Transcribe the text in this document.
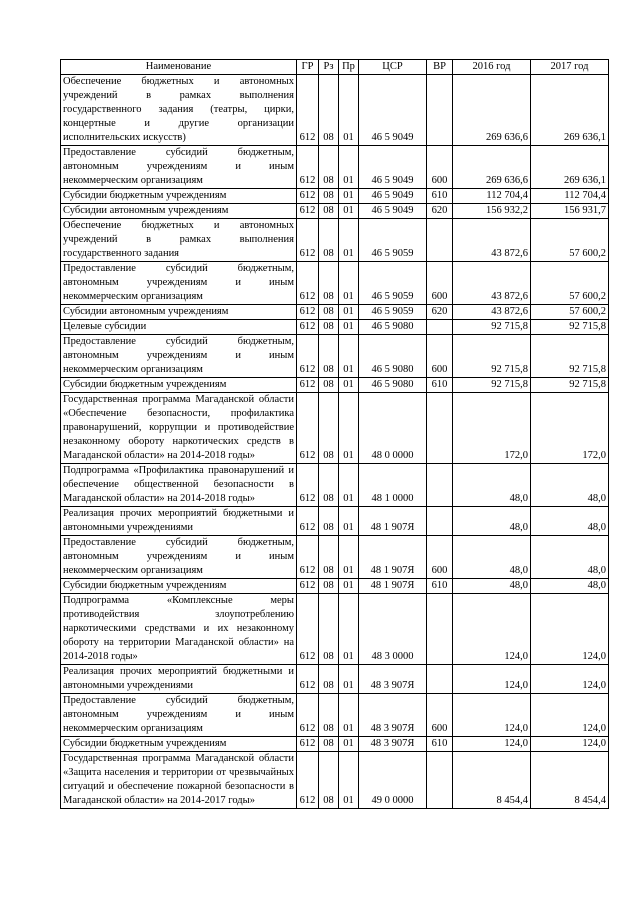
Наименование	ГР	Рз	Пр	ЦСР	ВР	2016 год	2017 год
Обеспечение бюджетных и автономных учреждений в рамках выполнения государственного задания (театры, цирки, концертные и другие организации исполнительских искусств)	612	08	01	46 5 9049		269 636,6	269 636,1
Предоставление субсидий бюджетным, автономным учреждениям и иным некоммерческим организациям	612	08	01	46 5 9049	600	269 636,6	269 636,1
Субсидии бюджетным учреждениям	612	08	01	46 5 9049	610	112 704,4	112 704,4
Субсидии автономным учреждениям	612	08	01	46 5 9049	620	156 932,2	156 931,7
Обеспечение бюджетных и автономных учреждений в рамках выполнения государственного задания	612	08	01	46 5 9059		43 872,6	57 600,2
Предоставление субсидий бюджетным, автономным учреждениям и иным некоммерческим организациям	612	08	01	46 5 9059	600	43 872,6	57 600,2
Субсидии автономным учреждениям	612	08	01	46 5 9059	620	43 872,6	57 600,2
Целевые субсидии	612	08	01	46 5 9080		92 715,8	92 715,8
Предоставление субсидий бюджетным, автономным учреждениям и иным некоммерческим организациям	612	08	01	46 5 9080	600	92 715,8	92 715,8
Субсидии бюджетным учреждениям	612	08	01	46 5 9080	610	92 715,8	92 715,8
Государственная программа Магаданской области «Обеспечение безопасности, профилактика правонарушений, коррупции и противодействие незаконному обороту наркотических средств в Магаданской области» на 2014-2018 годы»	612	08	01	48 0 0000		172,0	172,0
Подпрограмма «Профилактика правонарушений и обеспечение общественной безопасности в Магаданской области» на 2014-2018 годы»	612	08	01	48 1 0000		48,0	48,0
Реализация прочих мероприятий бюджетными и автономными учреждениями	612	08	01	48 1 907Я		48,0	48,0
Предоставление субсидий бюджетным, автономным учреждениям и иным некоммерческим организациям	612	08	01	48 1 907Я	600	48,0	48,0
Субсидии бюджетным учреждениям	612	08	01	48 1 907Я	610	48,0	48,0
Подпрограмма «Комплексные меры противодействия злоупотреблению наркотическими средствами и их незаконному обороту на территории Магаданской области» на 2014-2018 годы»	612	08	01	48 3 0000		124,0	124,0
Реализация прочих мероприятий бюджетными и автономными учреждениями	612	08	01	48 3 907Я		124,0	124,0
Предоставление субсидий бюджетным, автономным учреждениям и иным некоммерческим организациям	612	08	01	48 3 907Я	600	124,0	124,0
Субсидии бюджетным учреждениям	612	08	01	48 3 907Я	610	124,0	124,0
Государственная программа Магаданской области «Защита населения и территории от чрезвычайных ситуаций и обеспечение пожарной безопасности в Магаданской области» на 2014-2017 годы»	612	08	01	49 0 0000		8 454,4	8 454,4
